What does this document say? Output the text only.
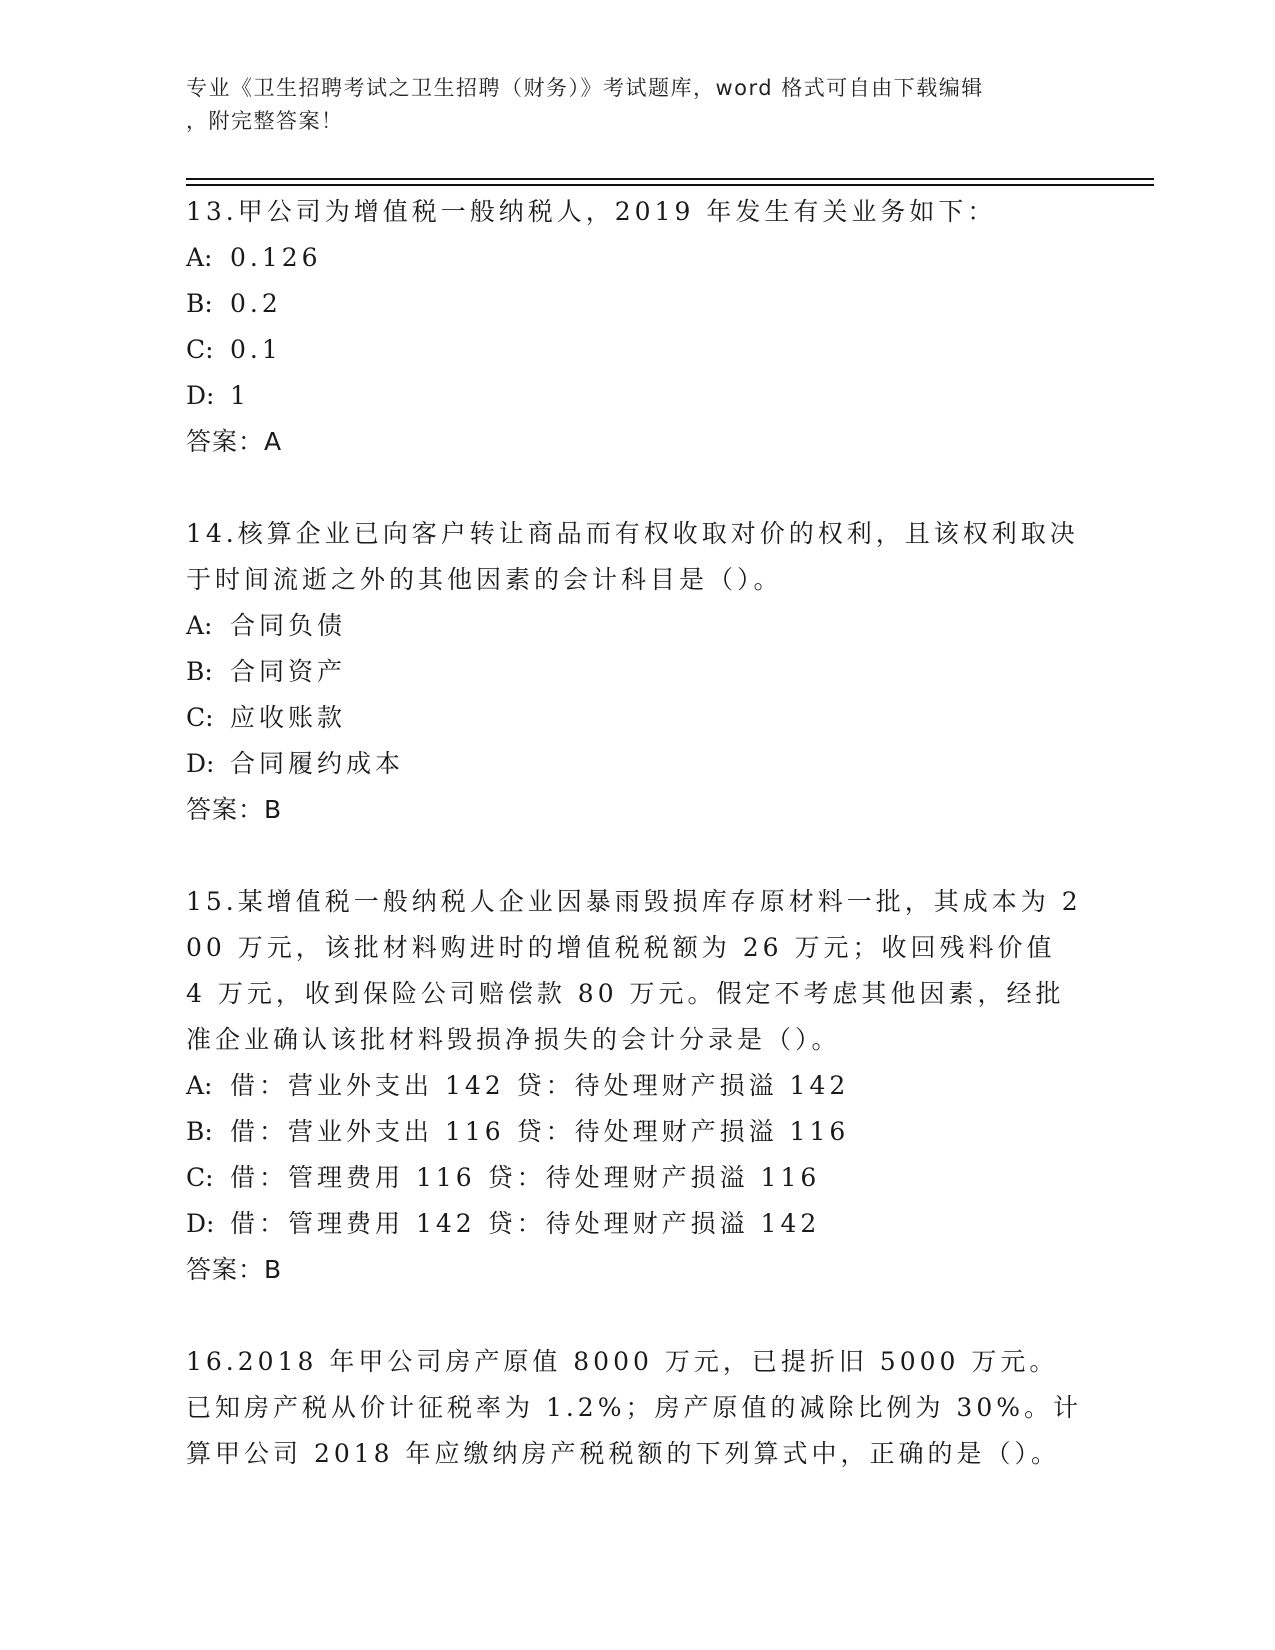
专业《卫生招聘考试之卫生招聘（财务）》考试题库，word 格式可自由下载编辑
，附完整答案！
13.甲公司为增值税一般纳税人，2019 年发生有关业务如下：
A: 0.126
B: 0.2
C: 0.1
D: 1
答案：A
14.核算企业已向客户转让商品而有权收取对价的权利，且该权利取决于时间流逝之外的其他因素的会计科目是（）。
A: 合同负债
B: 合同资产
C: 应收账款
D: 合同履约成本
答案：B
15.某增值税一般纳税人企业因暴雨毁损库存原材料一批，其成本为 200 万元，该批材料购进时的增值税税额为 26 万元；收回残料价值 4 万元，收到保险公司赔偿款 80 万元。假定不考虑其他因素，经批准企业确认该批材料毁损净损失的会计分录是（）。
A: 借：营业外支出 142 贷：待处理财产损溢 142
B: 借：营业外支出 116 贷：待处理财产损溢 116
C: 借：管理费用 116 贷：待处理财产损溢 116
D: 借：管理费用 142 贷：待处理财产损溢 142
答案：B
16.2018 年甲公司房产原值 8000 万元，已提折旧 5000 万元。已知房产税从价计征税率为 1.2%；房产原值的减除比例为 30%。计算甲公司 2018 年应缴纳房产税税额的下列算式中，正确的是（）。
